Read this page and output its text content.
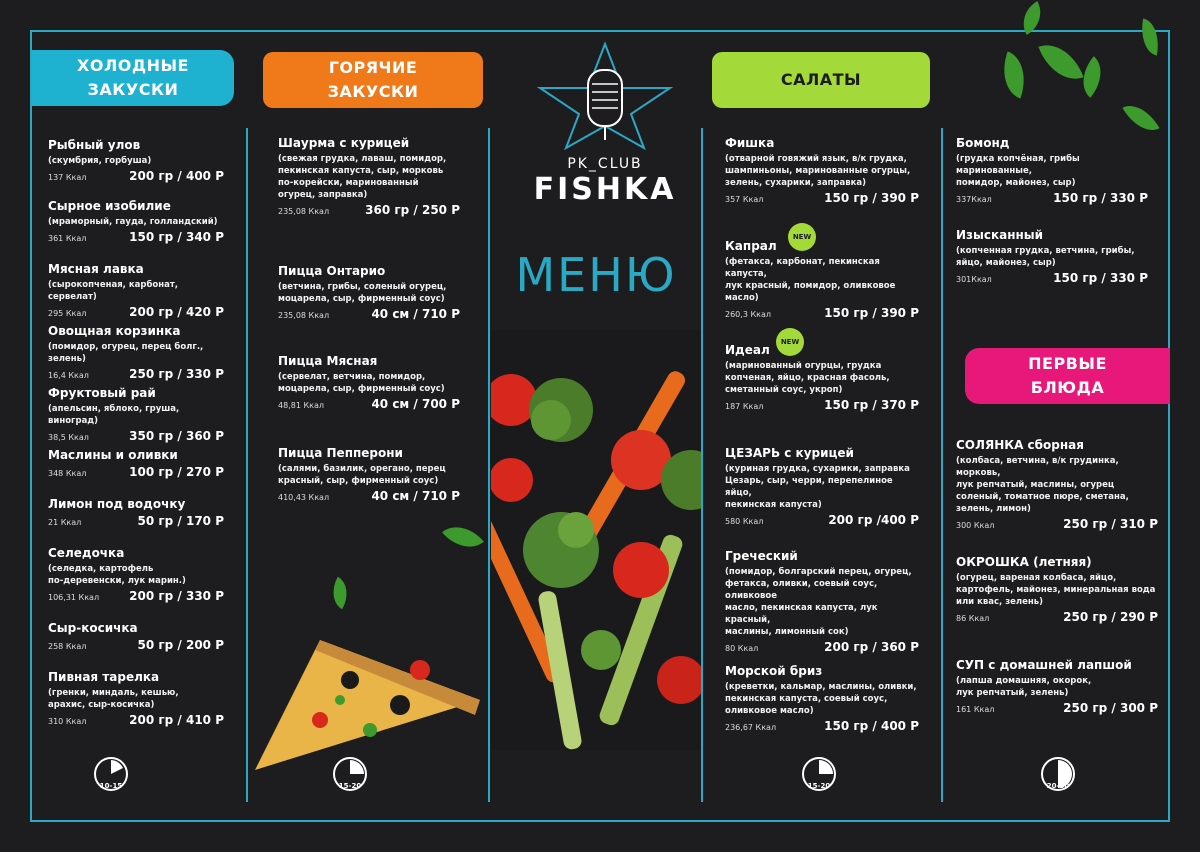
ХОЛОДНЫЕ
ЗАКУСКИ
ГОРЯЧИЕ
ЗАКУСКИ
САЛАТЫ
ПЕРВЫЕ
БЛЮДА
PK_CLUB
FISHKA
МЕНЮ
NEW
NEW
10-15	15-20	15-20	20-30
Рыбный улов
(скумбрия, горбуша)
137 Ккал	200 гр / 400 Р
Сырное изобилие
(мраморный, гауда, голландский)
361 Ккал	150 гр / 340 Р
Мясная лавка
(сырокопченая, карбонат, сервелат)
295 Ккал	200 гр / 420 Р
Овощная корзинка
(помидор, огурец, перец болг., зелень)
16,4 Ккал	250 гр / 330 Р
Фруктовый рай
(апельсин, яблоко, груша, виноград)
38,5 Ккал	350 гр / 360 Р
Маслины и оливки
348 Ккал	100 гр / 270 Р
Лимон под водочку
21 Ккал	50 гр / 170 Р
Селедочка
(селедка, картофель
по-деревенски, лук марин.)
106,31 Ккал	200 гр / 330 Р
Сыр-косичка
258 Ккал	50 гр / 200 Р
Пивная тарелка
(гренки, миндаль, кешью,
арахис, сыр-косичка)
310 Ккал	200 гр / 410 Р
Шаурма с курицей
(свежая грудка, лаваш, помидор,
пекинская капуста, сыр, морковь
по-корейски, маринованный
огурец, заправка)
235,08 Ккал	360 гр / 250 Р
Пицца Онтарио
(ветчина, грибы, соленый огурец,
моцарела, сыр, фирменный соус)
235,08 Ккал	40 см / 710 Р
Пицца Мясная
(сервелат, ветчина, помидор,
моцарела, сыр, фирменный соус)
48,81 Ккал	40 см / 700 Р
Пицца Пепперони
(салями, базилик, орегано, перец
красный, сыр, фирменный соус)
410,43 Ккал	40 см / 710 Р
Фишка
(отварной говяжий язык, в/к грудка,
шампиньоны, маринованные огурцы,
зелень, сухарики, заправка)
357 Ккал	150 гр / 390 Р
Капрал
(фетакса, карбонат, пекинская капуста,
лук красный, помидор, оливковое
масло)
260,3 Ккал	150 гр / 390 Р
Идеал
(маринованный огурцы, грудка
копченая, яйцо, красная фасоль,
сметанный соус, укроп)
187 Ккал	150 гр / 370 Р
ЦЕЗАРЬ с курицей
(куриная грудка, сухарики, заправка
Цезарь, сыр, черри, перепелиное яйцо,
пекинская капуста)
580 Ккал	200 гр /400 Р
Греческий
(помидор, болгарский перец, огурец,
фетакса, оливки, соевый соус, оливковое
масло, пекинская капуста, лук красный,
маслины, лимонный сок)
80 Ккал	200 гр / 360 Р
Морской бриз
(креветки, кальмар, маслины, оливки,
пекинская капуста, соевый соус,
оливковое масло)
236,67 Ккал	150 гр / 400 Р
Бомонд
(грудка копчёная, грибы маринованные,
помидор, майонез, сыр)
337Ккал	150 гр / 330 Р
Изысканный
(копченная грудка, ветчина, грибы,
яйцо, майонез, сыр)
301Ккал	150 гр / 330 Р
СОЛЯНКА сборная
(колбаса, ветчина, в/к грудинка, морковь,
лук репчатый, маслины, огурец
соленый, томатное пюре, сметана,
зелень, лимон)
300 Ккал	250 гр / 310 Р
ОКРОШКА (летняя)
(огурец, вареная колбаса, яйцо,
картофель, майонез, минеральная вода
или квас, зелень)
86 Ккал	250 гр / 290 Р
СУП с домашней лапшой
(лапша домашняя, окорок,
лук репчатый, зелень)
161 Ккал	250 гр / 300 Р
